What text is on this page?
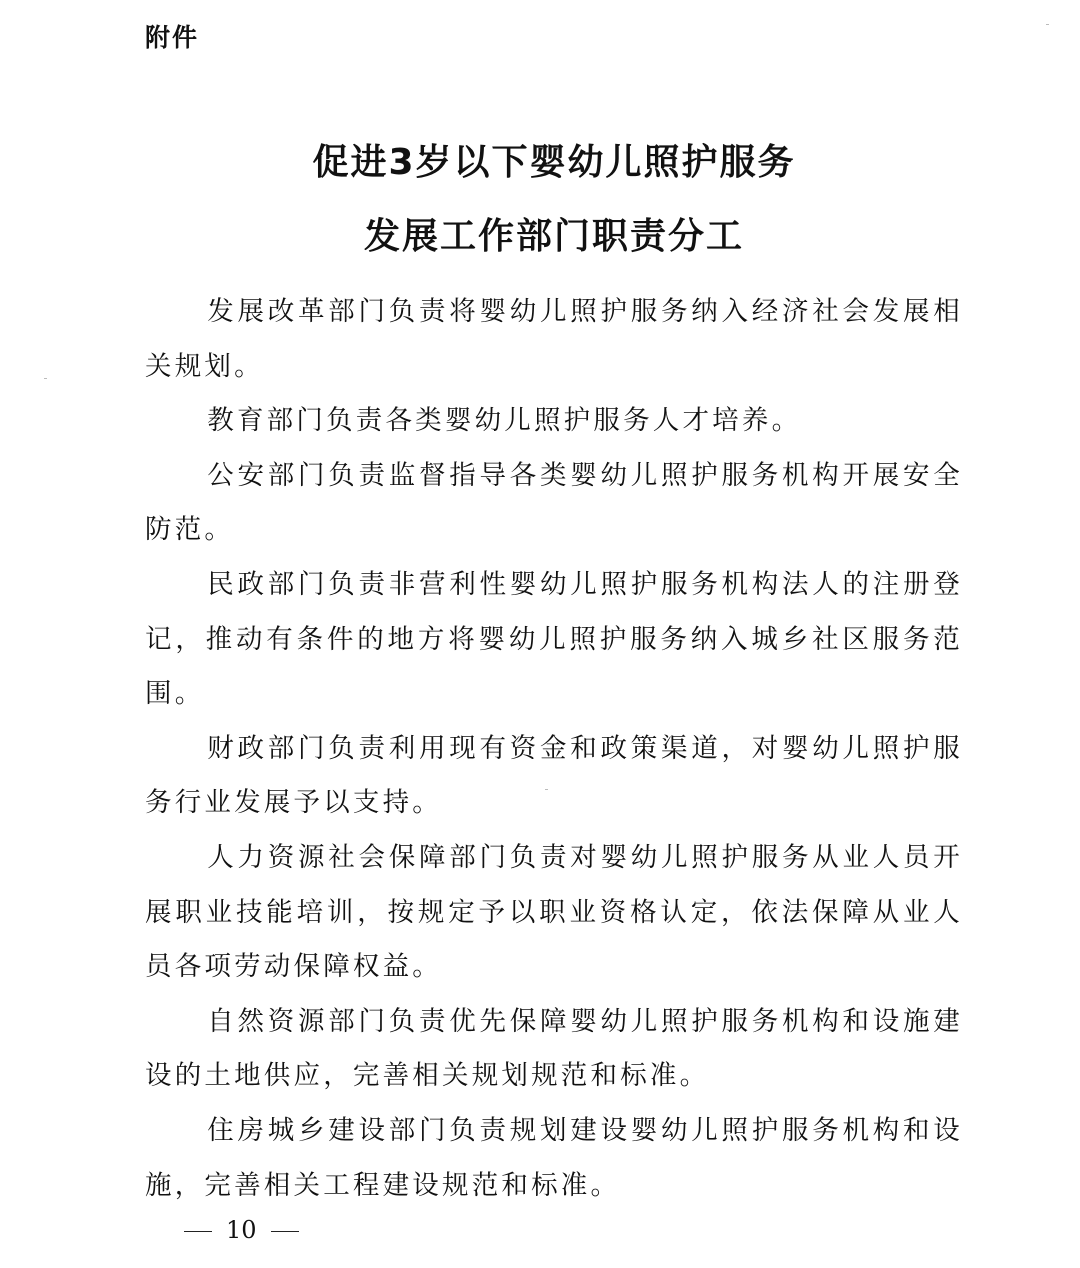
附件
促进3岁以下婴幼儿照护服务
发展工作部门职责分工

发展改革部门负责将婴幼儿照护服务纳入经济社会发展相关规划。

教育部门负责各类婴幼儿照护服务人才培养。

公安部门负责监督指导各类婴幼儿照护服务机构开展安全防范。

民政部门负责非营利性婴幼儿照护服务机构法人的注册登记，推动有条件的地方将婴幼儿照护服务纳入城乡社区服务范围。

财政部门负责利用现有资金和政策渠道，对婴幼儿照护服务行业发展予以支持。

人力资源社会保障部门负责对婴幼儿照护服务从业人员开展职业技能培训，按规定予以职业资格认定，依法保障从业人员各项劳动保障权益。

自然资源部门负责优先保障婴幼儿照护服务机构和设施建设的土地供应，完善相关规划规范和标准。

住房城乡建设部门负责规划建设婴幼儿照护服务机构和设施，完善相关工程建设规范和标准。

10
